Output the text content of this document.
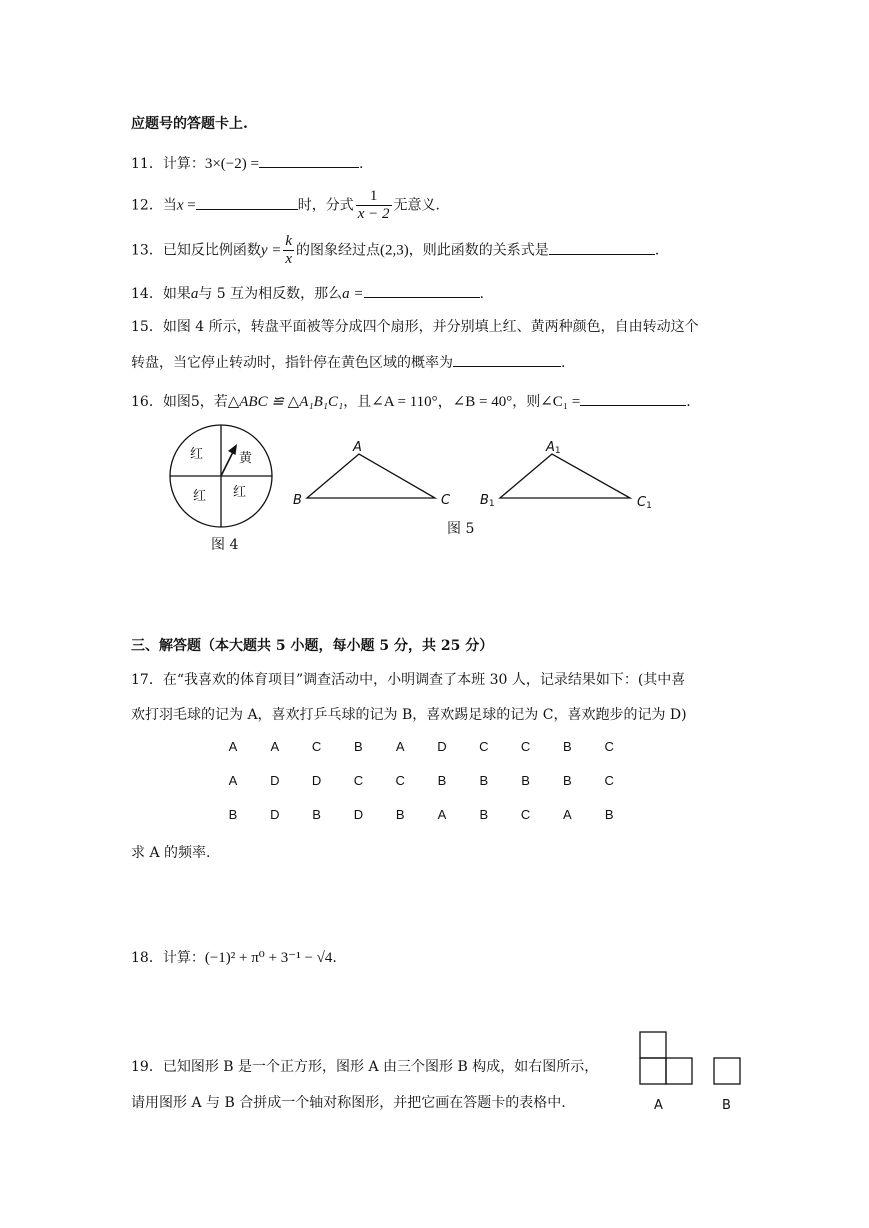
应题号的答题卡上.
11．计算：3×(−2) =	.
12．当x =	时，分式 $\frac{1}{x - 2}$ 无意义.
13．已知反比例函数$y = \frac{k}{x}$ 的图象经过点(2,3)，则此函数的关系式是	.
14．如果a与 5 互为相反数，那么a =	.
15．如图 4 所示，转盘平面被等分成四个扇形，并分别填上红、黄两种颜色，自由转动这个
转盘，当它停止转动时，指针停在黄色区域的概率为	.
16．如图5，若△ABC ≌ △A₁B₁C₁，且∠A = 110°，∠B = 40°，则∠C₁ =	.
红	黄
红 红
图 4
A
B	C
A1
B1	C1
图 5
三、解答题（本大题共 5 小题，每小题 5 分，共 25 分）
17．在“我喜欢的体育项目”调查活动中，小明调查了本班 30 人，记录结果如下：(其中喜
欢打羽毛球的记为 A，喜欢打乒乓球的记为 B，喜欢踢足球的记为 C，喜欢跑步的记为 D)
A	A	C	B	A	D	C	C	B	C
A	D	D	C	C	B	B	B	B	C
B	D	B	D	B	A	B	C	A	B
求 A 的频率.
18．计算：(−1)² + π⁰ + 3⁻¹ − √4.
19．已知图形 B 是一个正方形，图形 A 由三个图形 B 构成，如右图所示，
请用图形 A 与 B 合拼成一个轴对称图形，并把它画在答题卡的表格中.	A	B
